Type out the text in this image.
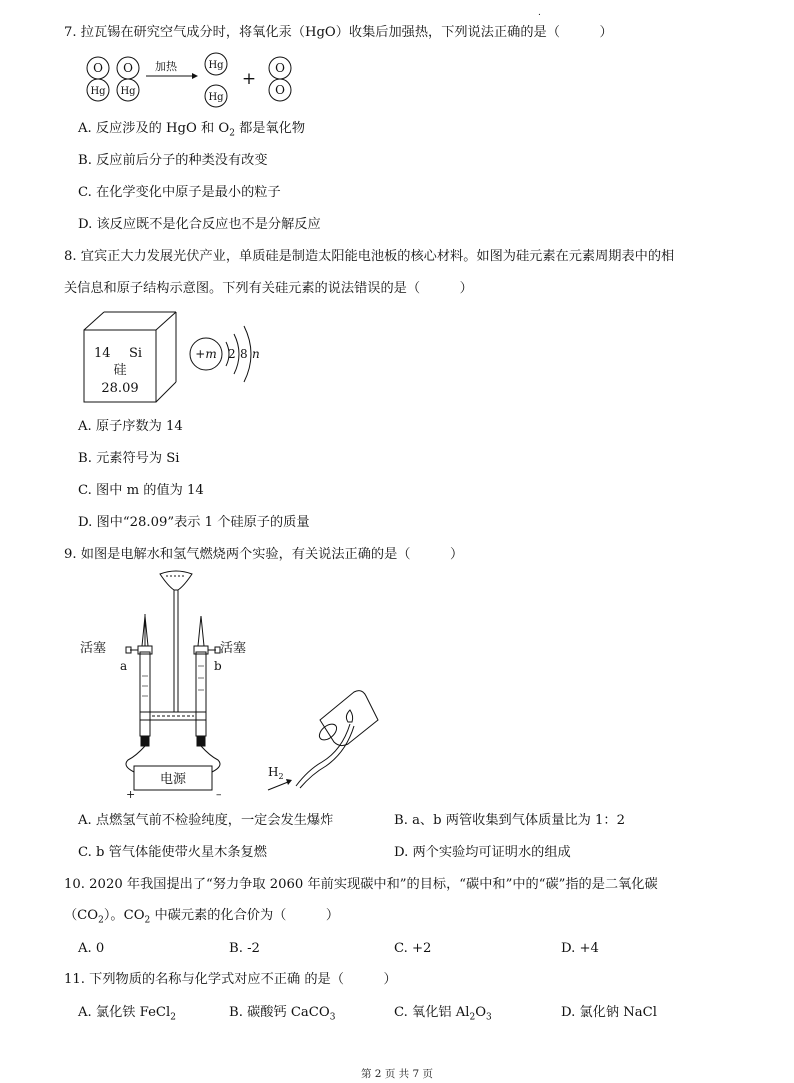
.
7. 拉瓦锡在研究空气成分时，将氧化汞（HgO）收集后加强热，下列说法正确的是（　　　）
O
Hg
O
Hg
Hg
Hg
O
O
加热
+
A. 反应涉及的 HgO 和 $O_2$ 都是氧化物
B. 反应前后分子的种类没有改变
C. 在化学变化中原子是最小的粒子
D. 该反应既不是化合反应也不是分解反应
8. 宜宾正大力发展光伏产业，单质硅是制造太阳能电池板的核心材料。如图为硅元素在元素周期表中的相
关信息和原子结构示意图。下列有关硅元素的说法错误的是（　　　）
14 Si
硅
28.09
+m 2 8 n
A. 原子序数为 14
B. 元素符号为 Si
C. 图中 m 的值为 14
D. 图中“28.09”表示 1 个硅原子的质量
9. 如图是电解水和氢气燃烧两个实验，有关说法正确的是（　　　）
活塞	活塞
a	b
电源
+	–
$H_2$
A. 点燃氢气前不检验纯度，一定会发生爆炸	B. a、b 两管收集到气体质量比为 1：2
C. b 管气体能使带火星木条复燃	D. 两个实验均可证明水的组成
10. 2020 年我国提出了“努力争取 2060 年前实现碳中和”的目标，“碳中和”中的“碳”指的是二氧化碳
$(CO_2)$。$CO_2$ 中碳元素的化合价为（　　　）
A. 0	B. -2	C. +2	D. +4
11. 下列物质的名称与化学式对应不正确 的是（　　　）
A. 氯化铁 FeCl$_2$	B. 碳酸钙 CaCO$_3$	C. 氧化铝 $Al_2O_3$	D. 氯化钠 NaCl
第 2 页 共 7 页
